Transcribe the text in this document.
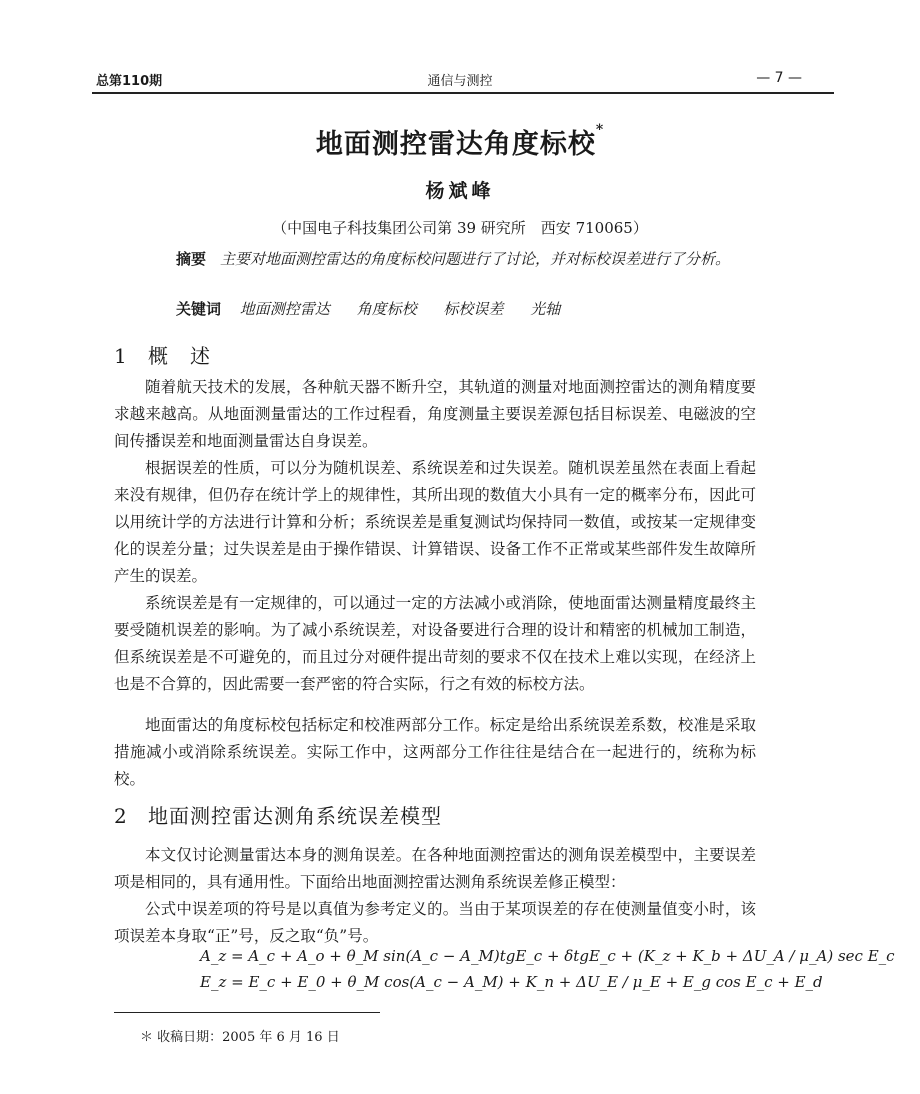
总第110期	通信与测控	— 7 —
地面测控雷达角度标校*
杨斌峰
（中国电子科技集团公司第 39 研究所　西安 710065）
摘要 主要对地面测控雷达的角度标校问题进行了讨论，并对标校误差进行了分析。
关键词 地面测控雷达 角度标校 标校误差 光轴
1 概　述
随着航天技术的发展，各种航天器不断升空，其轨道的测量对地面测控雷达的测角精度要求越来越高。从地面测量雷达的工作过程看，角度测量主要误差源包括目标误差、电磁波的空间传播误差和地面测量雷达自身误差。
根据误差的性质，可以分为随机误差、系统误差和过失误差。随机误差虽然在表面上看起来没有规律，但仍存在统计学上的规律性，其所出现的数值大小具有一定的概率分布，因此可以用统计学的方法进行计算和分析；系统误差是重复测试均保持同一数值，或按某一定规律变化的误差分量；过失误差是由于操作错误、计算错误、设备工作不正常或某些部件发生故障所产生的误差。
系统误差是有一定规律的，可以通过一定的方法减小或消除，使地面雷达测量精度最终主要受随机误差的影响。为了减小系统误差，对设备要进行合理的设计和精密的机械加工制造，但系统误差是不可避免的，而且过分对硬件提出苛刻的要求不仅在技术上难以实现，在经济上也是不合算的，因此需要一套严密的符合实际，行之有效的标校方法。
地面雷达的角度标校包括标定和校准两部分工作。标定是给出系统误差系数，校准是采取措施减小或消除系统误差。实际工作中，这两部分工作往往是结合在一起进行的，统称为标校。
2 地面测控雷达测角系统误差模型
本文仅讨论测量雷达本身的测角误差。在各种地面测控雷达的测角误差模型中，主要误差项是相同的，具有通用性。下面给出地面测控雷达测角系统误差修正模型：
公式中误差项的符号是以真值为参考定义的。当由于某项误差的存在使测量值变小时，该项误差本身取“正”号，反之取“负”号。
A_z = A_c + A_o + θ_M sin(A_c − A_M)tgE_c + δtgE_c + (K_z + K_b + ΔU_A / μ_A) sec E_c
E_z = E_c + E_0 + θ_M cos(A_c − A_M) + K_n + ΔU_E / μ_E + E_g cos E_c + E_d
＊ 收稿日期：2005 年 6 月 16 日
